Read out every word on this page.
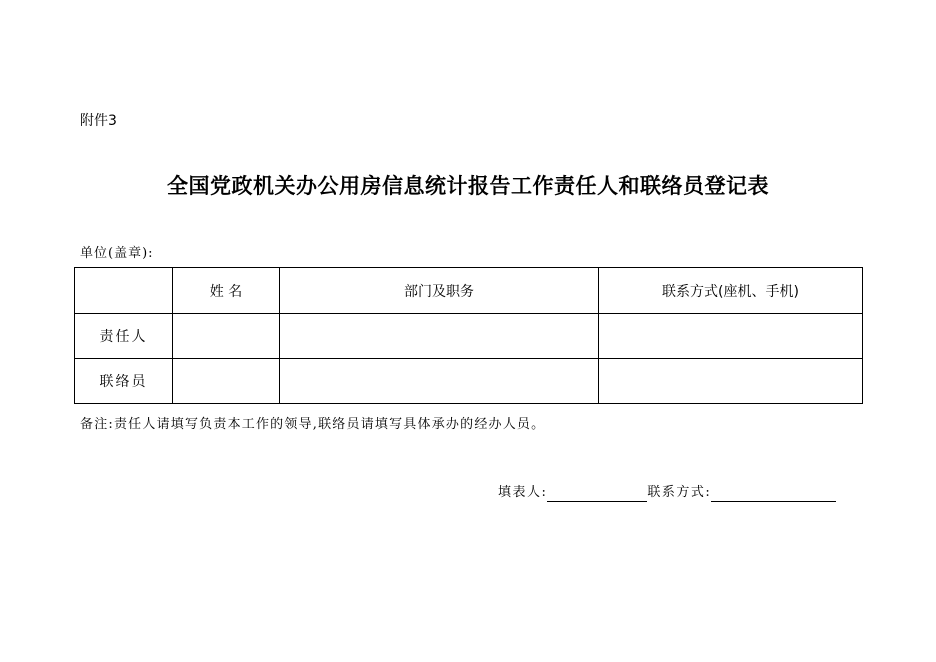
附件3
全国党政机关办公用房信息统计报告工作责任人和联络员登记表
单位(盖章):
	姓 名	部门及职务	联系方式(座机、手机)
责任人			
联络员			
备注:责任人请填写负责本工作的领导,联络员请填写具体承办的经办人员。
填表人:	联系方式:
